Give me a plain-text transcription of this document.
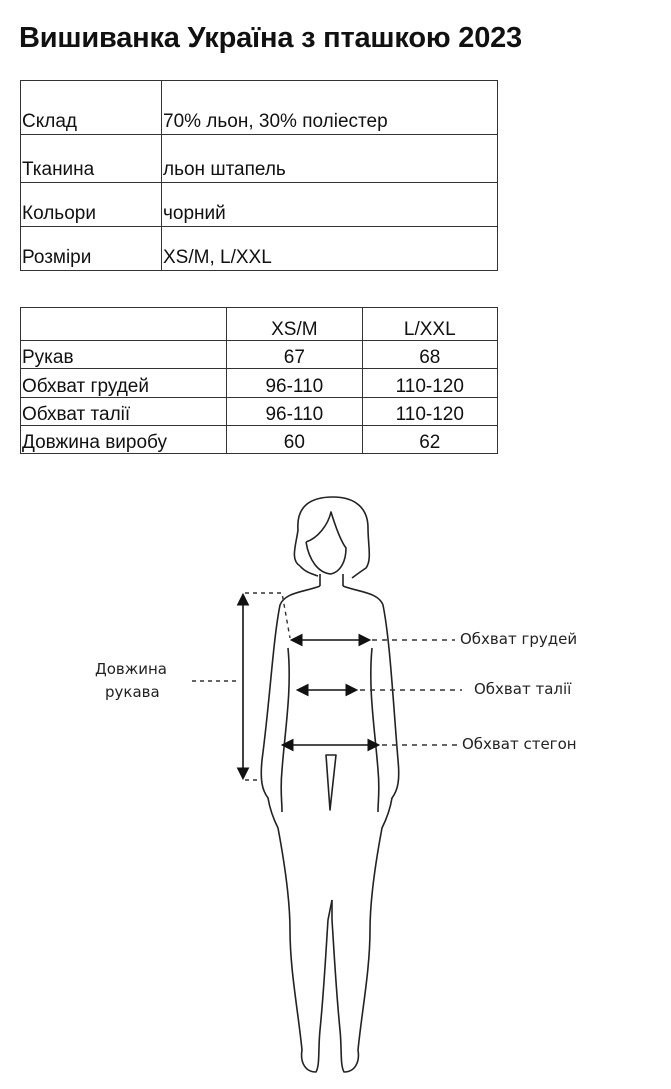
Вишиванка Україна з пташкою 2023
Склад	70% льон, 30% поліестер
Тканина	льон штапель
Кольори	чорний
Розміри	XS/M, L/XXL
	XS/M	L/XXL
Рукав	67	68
Обхват грудей	96-110	110-120
Обхват талії	96-110	110-120
Довжина виробу	60	62
Довжина
рукава
Обхват грудей
Обхват талії
Обхват стегон
